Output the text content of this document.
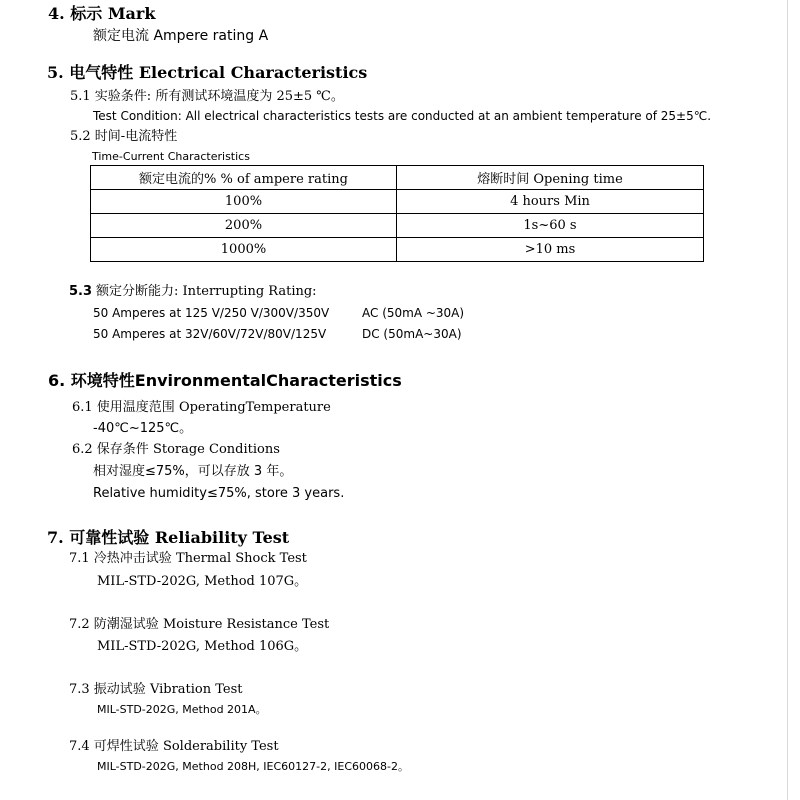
4. 标示 Mark
额定电流 Ampere rating A
5. 电气特性 Electrical Characteristics
5.1 实验条件: 所有测试环境温度为 25±5 ℃。
Test Condition: All electrical characteristics tests are conducted at an ambient temperature of 25±5℃.
5.2 时间-电流特性
Time-Current Characteristics
额定电流的% % of ampere rating	熔断时间 Opening time
100%	4 hours Min
200%	1s~60 s
1000%	>10 ms
5.3 额定分断能力: Interrupting Rating:
50 Amperes at 125 V/250 V/300V/350V	AC (50mA ~30A)
50 Amperes at 32V/60V/72V/80V/125V	DC (50mA~30A)
6. 环境特性EnvironmentalCharacteristics
6.1 使用温度范围 OperatingTemperature
-40℃~125℃。
6.2 保存条件 Storage Conditions
相对湿度≤75%，可以存放 3 年。
Relative humidity≤75%, store 3 years.
7. 可靠性试验 Reliability Test
7.1 冷热冲击试验 Thermal Shock Test
MIL-STD-202G, Method 107G。
7.2 防潮湿试验 Moisture Resistance Test
MIL-STD-202G, Method 106G。
7.3 振动试验 Vibration Test
MIL-STD-202G, Method 201A。
7.4 可焊性试验 Solderability Test
MIL-STD-202G, Method 208H, IEC60127-2, IEC60068-2。
